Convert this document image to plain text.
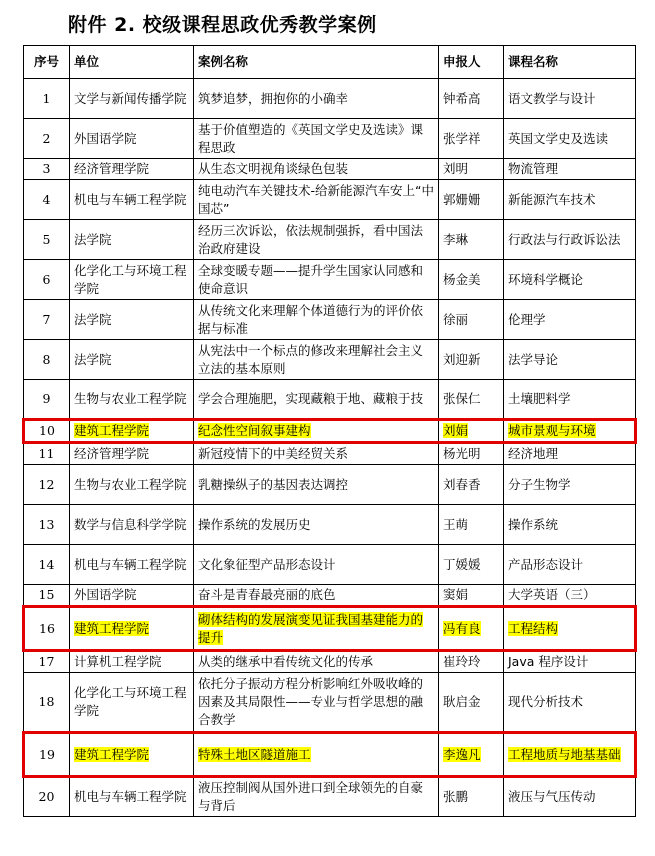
附件 2. 校级课程思政优秀教学案例
序号	单位	案例名称	申报人	课程名称
1	文学与新闻传播学院	筑梦追梦，拥抱你的小确幸	钟希高	语文教学与设计
2	外国语学院	基于价值塑造的《英国文学史及选读》课程思政	张学祥	英国文学史及选读
3	经济管理学院	从生态文明视角谈绿色包装	刘明	物流管理
4	机电与车辆工程学院	纯电动汽车关键技术-给新能源汽车安上“中国芯”	郭姗姗	新能源汽车技术
5	法学院	经历三次诉讼，依法规制强拆，看中国法治政府建设	李琳	行政法与行政诉讼法
6	化学化工与环境工程学院	全球变暖专题——提升学生国家认同感和使命意识	杨金美	环境科学概论
7	法学院	从传统文化来理解个体道德行为的评价依据与标准	徐丽	伦理学
8	法学院	从宪法中一个标点的修改来理解社会主义立法的基本原则	刘迎新	法学导论
9	生物与农业工程学院	学会合理施肥，实现藏粮于地、藏粮于技	张保仁	土壤肥料学
10	建筑工程学院	纪念性空间叙事建构	刘娟	城市景观与环境
11	经济管理学院	新冠疫情下的中美经贸关系	杨光明	经济地理
12	生物与农业工程学院	乳糖操纵子的基因表达调控	刘春香	分子生物学
13	数学与信息科学学院	操作系统的发展历史	王萌	操作系统
14	机电与车辆工程学院	文化象征型产品形态设计	丁媛媛	产品形态设计
15	外国语学院	奋斗是青春最亮丽的底色	窦娟	大学英语（三）
16	建筑工程学院	砌体结构的发展演变见证我国基建能力的提升	冯有良	工程结构
17	计算机工程学院	从类的继承中看传统文化的传承	崔玲玲	Java 程序设计
18	化学化工与环境工程学院	依托分子振动方程分析影响红外吸收峰的因素及其局限性——专业与哲学思想的融合教学	耿启金	现代分析技术
19	建筑工程学院	特殊土地区隧道施工	李逸凡	工程地质与地基基础
20	机电与车辆工程学院	液压控制阀从国外进口到全球领先的自豪与背后	张鹏	液压与气压传动
